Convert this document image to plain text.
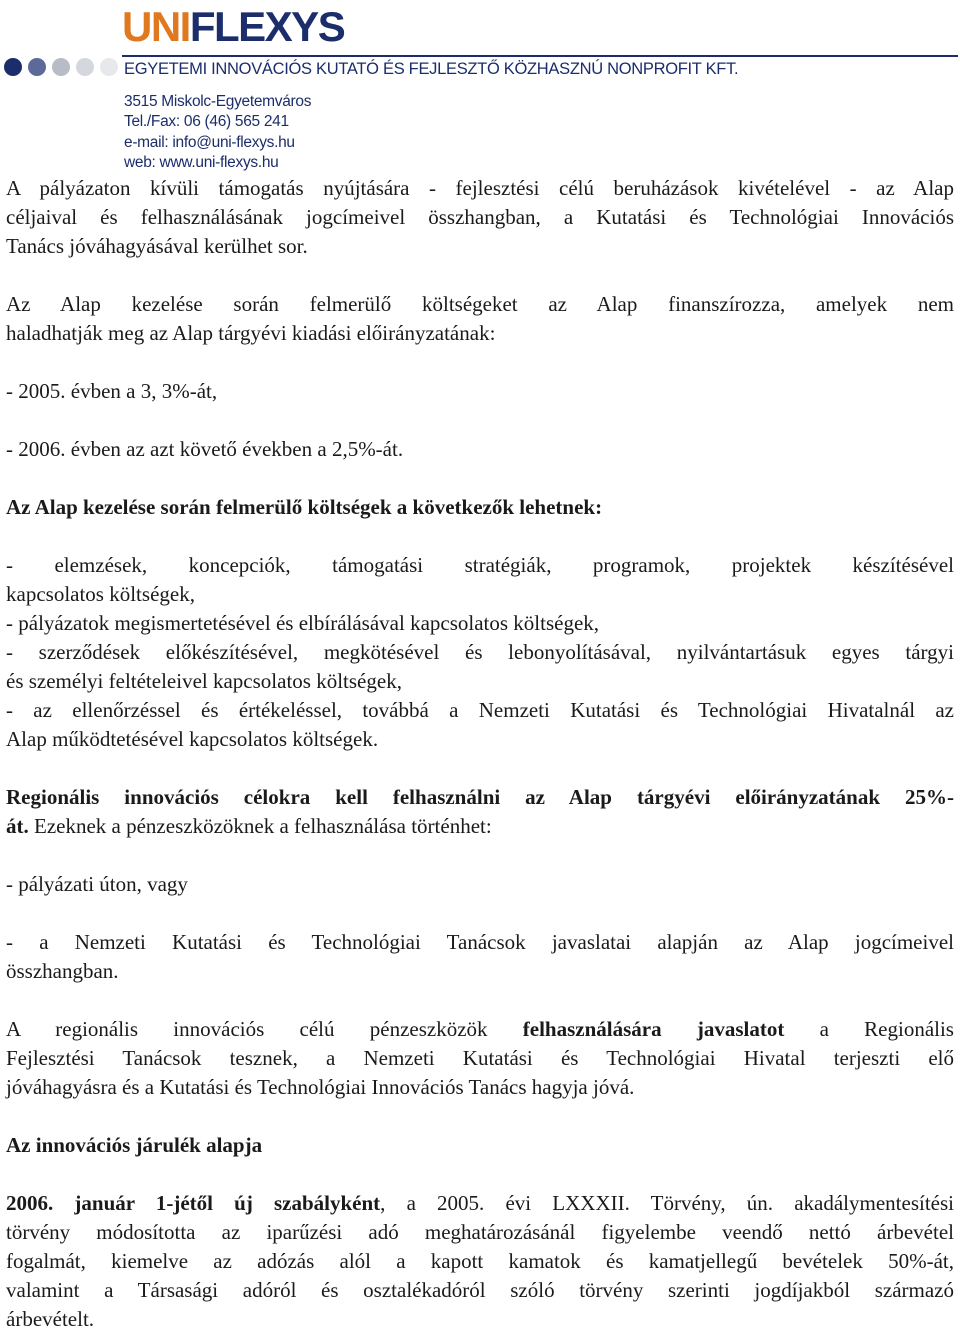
UNIFLEXYS
EGYETEMI INNOVÁCIÓS KUTATÓ ÉS FEJLESZTŐ KÖZHASZNÚ NONPROFIT KFT.
3515 Miskolc-Egyetemváros
Tel./Fax: 06 (46) 565 241
e-mail: info@uni-flexys.hu
web: www.uni-flexys.hu
A pályázaton kívüli támogatás nyújtására - fejlesztési célú beruházások kivételével - az Alap
céljaival és felhasználásának jogcímeivel összhangban, a Kutatási és Technológiai Innovációs
Tanács jóváhagyásával kerülhet sor.
Az Alap kezelése során felmerülő költségeket az Alap finanszírozza, amelyek nem
haladhatják meg az Alap tárgyévi kiadási előirányzatának:
- 2005. évben a 3, 3%-át,
- 2006. évben az azt követő években a 2,5%-át.
Az Alap kezelése során felmerülő költségek a következők lehetnek:
- elemzések, koncepciók, támogatási stratégiák, programok, projektek készítésével
kapcsolatos költségek,
- pályázatok megismertetésével és elbírálásával kapcsolatos költségek,
- szerződések előkészítésével, megkötésével és lebonyolításával, nyilvántartásuk egyes tárgyi
és személyi feltételeivel kapcsolatos költségek,
- az ellenőrzéssel és értékeléssel, továbbá a Nemzeti Kutatási és Technológiai Hivatalnál az
Alap működtetésével kapcsolatos költségek.
Regionális innovációs célokra kell felhasználni az Alap tárgyévi előirányzatának 25%-
át. Ezeknek a pénzeszközöknek a felhasználása történhet:
- pályázati úton, vagy
- a Nemzeti Kutatási és Technológiai Tanácsok javaslatai alapján az Alap jogcímeivel
összhangban.
A regionális innovációs célú pénzeszközök felhasználására javaslatot a Regionális
Fejlesztési Tanácsok tesznek, a Nemzeti Kutatási és Technológiai Hivatal terjeszti elő
jóváhagyásra és a Kutatási és Technológiai Innovációs Tanács hagyja jóvá.
Az innovációs járulék alapja
2006. január 1-jétől új szabályként, a 2005. évi LXXXII. Törvény, ún. akadálymentesítési
törvény módosította az iparűzési adó meghatározásánál figyelembe veendő nettó árbevétel
fogalmát, kiemelve az adózás alól a kapott kamatok és kamatjellegű bevételek 50%-át,
valamint a Társasági adóról és osztalékadóról szóló törvény szerinti jogdíjakból származó
árbevételt.
